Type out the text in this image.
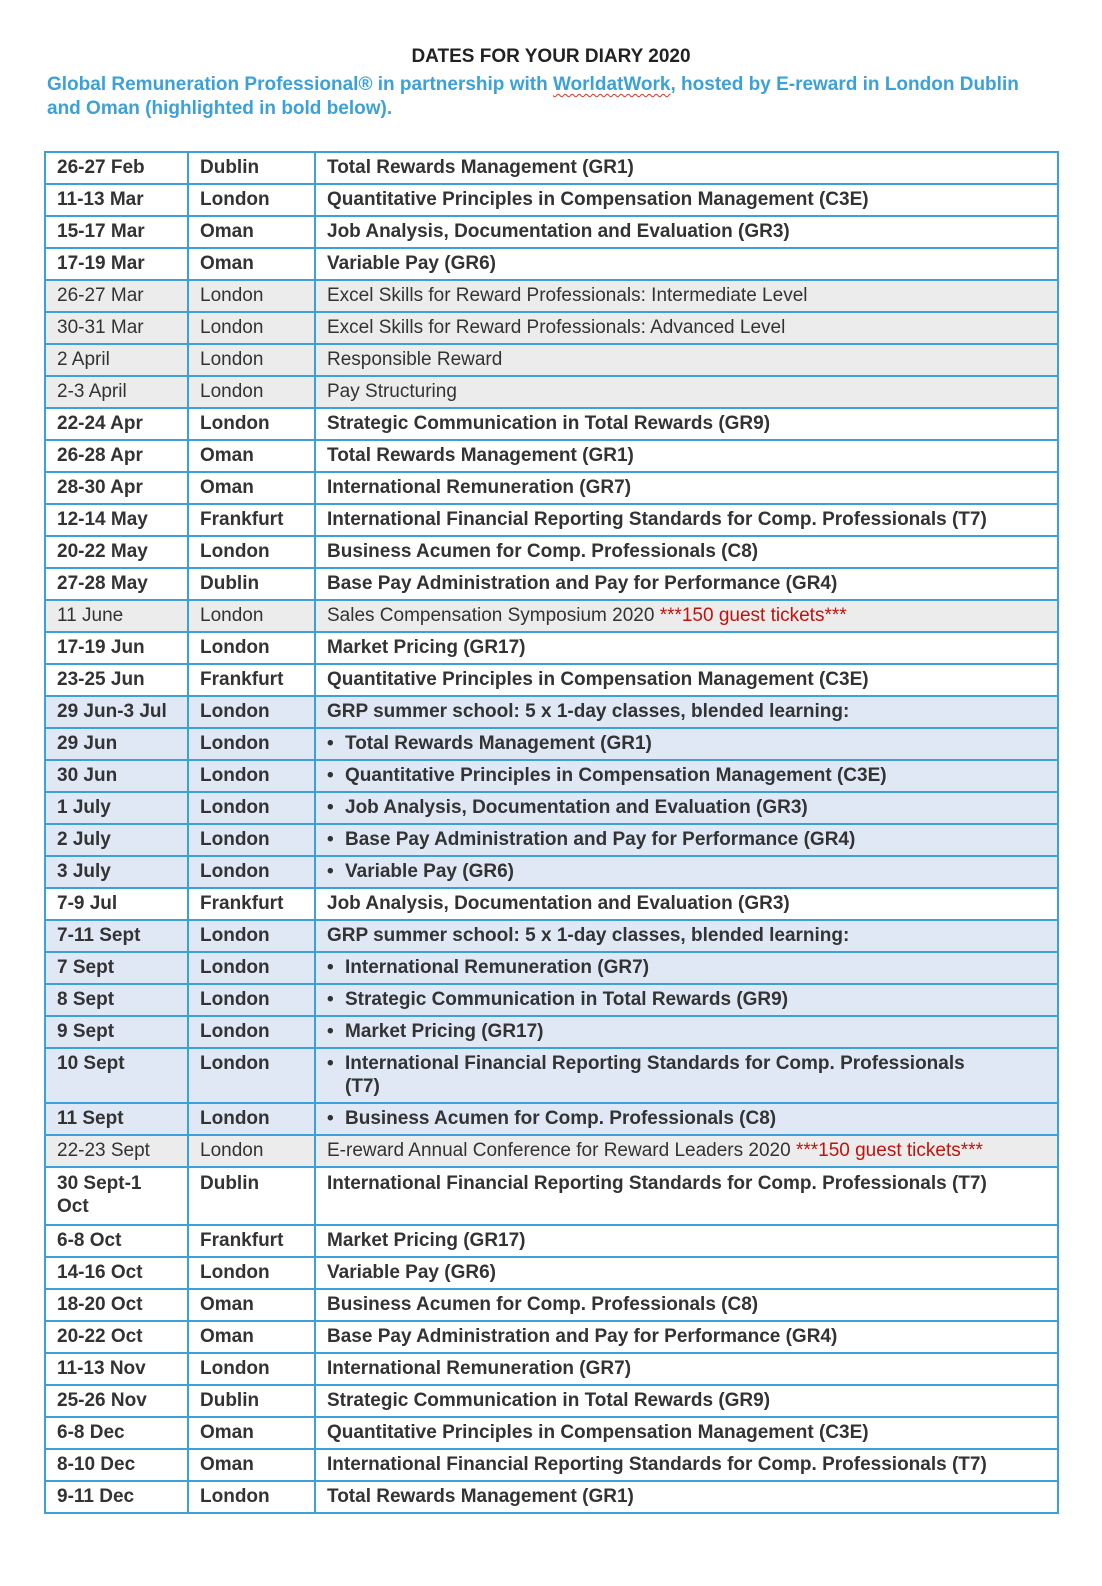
DATES FOR YOUR DIARY 2020
Global Remuneration Professional® in partnership with WorldatWork, hosted by E-reward in London Dublin and Oman (highlighted in bold below).
26-27 Feb	Dublin	Total Rewards Management (GR1)
11-13 Mar	London	Quantitative Principles in Compensation Management (C3E)
15-17 Mar	Oman	Job Analysis, Documentation and Evaluation (GR3)
17-19 Mar	Oman	Variable Pay (GR6)
26-27 Mar	London	Excel Skills for Reward Professionals: Intermediate Level
30-31 Mar	London	Excel Skills for Reward Professionals: Advanced Level
2 April	London	Responsible Reward
2-3 April	London	Pay Structuring
22-24 Apr	London	Strategic Communication in Total Rewards (GR9)
26-28 Apr	Oman	Total Rewards Management (GR1)
28-30 Apr	Oman	International Remuneration (GR7)
12-14 May	Frankfurt	International Financial Reporting Standards for Comp. Professionals (T7)
20-22 May	London	Business Acumen for Comp. Professionals (C8)
27-28 May	Dublin	Base Pay Administration and Pay for Performance (GR4)
11 June	London	Sales Compensation Symposium 2020 ***150 guest tickets***
17-19 Jun	London	Market Pricing (GR17)
23-25 Jun	Frankfurt	Quantitative Principles in Compensation Management (C3E)
29 Jun-3 Jul	London	GRP summer school: 5 x 1-day classes, blended learning:
29 Jun	London	• Total Rewards Management (GR1)
30 Jun	London	• Quantitative Principles in Compensation Management (C3E)
1 July	London	• Job Analysis, Documentation and Evaluation (GR3)
2 July	London	• Base Pay Administration and Pay for Performance (GR4)
3 July	London	• Variable Pay (GR6)
7-9 Jul	Frankfurt	Job Analysis, Documentation and Evaluation (GR3)
7-11 Sept	London	GRP summer school: 5 x 1-day classes, blended learning:
7 Sept	London	• International Remuneration (GR7)
8 Sept	London	• Strategic Communication in Total Rewards (GR9)
9 Sept	London	• Market Pricing (GR17)
10 Sept	London	• International Financial Reporting Standards for Comp. Professionals (T7)
11 Sept	London	• Business Acumen for Comp. Professionals (C8)
22-23 Sept	London	E-reward Annual Conference for Reward Leaders 2020 ***150 guest tickets***
30 Sept-1 Oct	Dublin	International Financial Reporting Standards for Comp. Professionals (T7)
6-8 Oct	Frankfurt	Market Pricing (GR17)
14-16 Oct	London	Variable Pay (GR6)
18-20 Oct	Oman	Business Acumen for Comp. Professionals (C8)
20-22 Oct	Oman	Base Pay Administration and Pay for Performance (GR4)
11-13 Nov	London	International Remuneration (GR7)
25-26 Nov	Dublin	Strategic Communication in Total Rewards (GR9)
6-8 Dec	Oman	Quantitative Principles in Compensation Management (C3E)
8-10 Dec	Oman	International Financial Reporting Standards for Comp. Professionals (T7)
9-11 Dec	London	Total Rewards Management (GR1)
